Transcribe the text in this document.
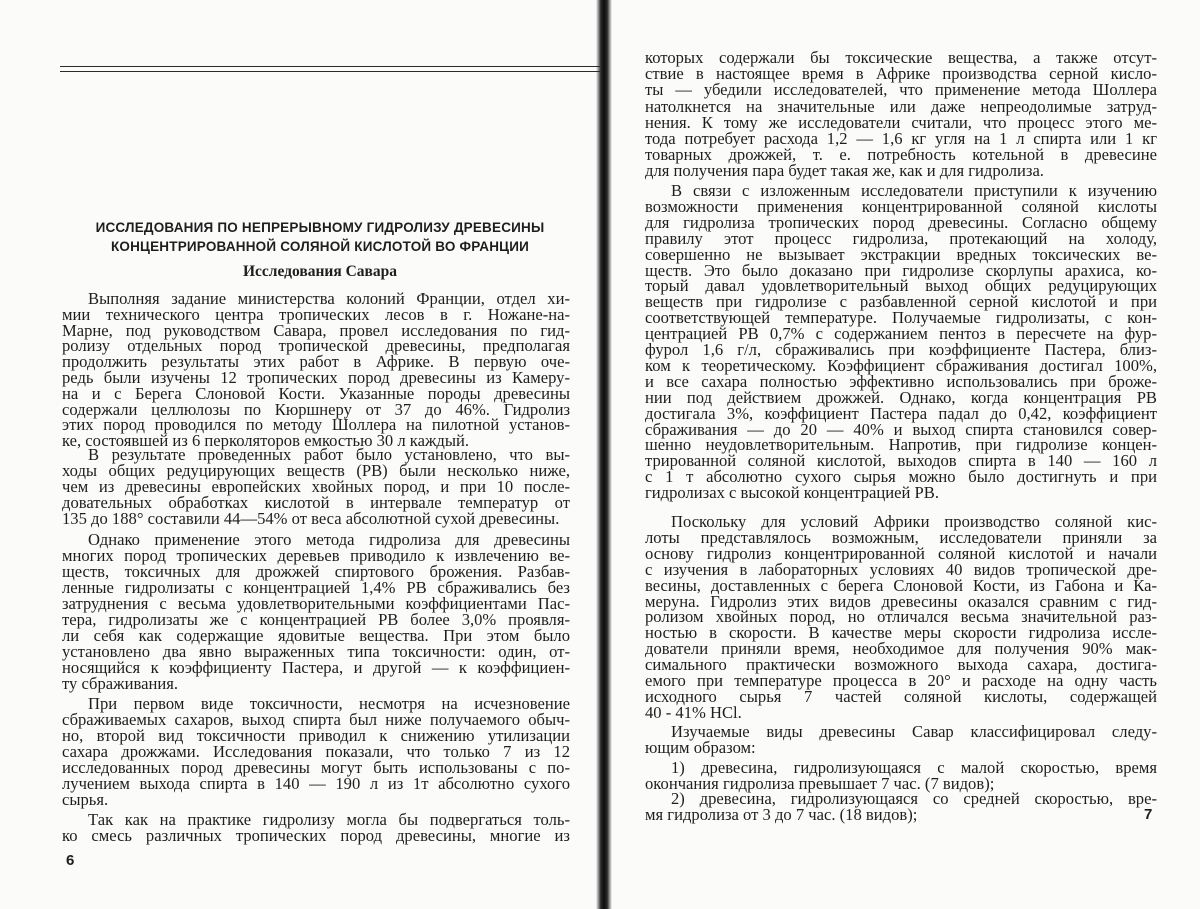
ИССЛЕДОВАНИЯ ПО НЕПРЕРЫВНОМУ ГИДРОЛИЗУ ДРЕВЕСИНЫ
КОНЦЕНТРИРОВАННОЙ СОЛЯНОЙ КИСЛОТОЙ ВО ФРАНЦИИ
Исследования Савара
Выполняя задание министерства колоний Франции, отдел хи-
мии технического центра тропических лесов в г. Ножане-на-
Марне, под руководством Савара, провел исследования по гид-
ролизу отдельных пород тропической древесины, предполагая
продолжить результаты этих работ в Африке. В первую оче-
редь были изучены 12 тропических пород древесины из Камеру-
на и с Берега Слоновой Кости. Указанные породы древесины
содержали целлюлозы по Кюршнеру от 37 до 46%. Гидролиз
этих пород проводился по методу Шоллера на пилотной установ-
ке, состоявшей из 6 перколяторов емкостью 30 л каждый.
В результате проведенных работ было установлено, что вы-
ходы общих редуцирующих веществ (РВ) были несколько ниже,
чем из древесины европейских хвойных пород, и при 10 после-
довательных обработках кислотой в интервале температур от
135 до 188° составили 44—54% от веса абсолютной сухой древесины.
Однако применение этого метода гидролиза для древесины
многих пород тропических деревьев приводило к извлечению ве-
ществ, токсичных для дрожжей спиртового брожения. Разбав-
ленные гидролизаты с концентрацией 1,4% РВ сбраживались без
затруднения с весьма удовлетворительными коэффициентами Пас-
тера, гидролизаты же с концентрацией РВ более 3,0% проявля-
ли себя как содержащие ядовитые вещества. При этом было
установлено два явно выраженных типа токсичности: один, от-
носящийся к коэффициенту Пастера, и другой — к коэффициен-
ту сбраживания.
При первом виде токсичности, несмотря на исчезновение
сбраживаемых сахаров, выход спирта был ниже получаемого обыч-
но, второй вид токсичности приводил к снижению утилизации
сахара дрожжами. Исследования показали, что только 7 из 12
исследованных пород древесины могут быть использованы с по-
лучением выхода спирта в 140 — 190 л из 1т абсолютно сухого
сырья.
Так как на практике гидролизу могла бы подвергаться толь-
ко смесь различных тропических пород древесины, многие из
которых содержали бы токсические вещества, а также отсут-
ствие в настоящее время в Африке производства серной кисло-
ты — убедили исследователей, что применение метода Шоллера
натолкнется на значительные или даже непреодолимые затруд-
нения. К тому же исследователи считали, что процесс этого ме-
тода потребует расхода 1,2 — 1,6 кг угля на 1 л спирта или 1 кг
товарных дрожжей, т. е. потребность котельной в древесине
для получения пара будет такая же, как и для гидролиза.
В связи с изложенным исследователи приступили к изучению
возможности применения концентрированной соляной кислоты
для гидролиза тропических пород древесины. Согласно общему
правилу этот процесс гидролиза, протекающий на холоду,
совершенно не вызывает экстракции вредных токсических ве-
ществ. Это было доказано при гидролизе скорлупы арахиса, ко-
торый давал удовлетворительный выход общих редуцирующих
веществ при гидролизе с разбавленной серной кислотой и при
соответствующей температуре. Получаемые гидролизаты, с кон-
центрацией РВ 0,7% с содержанием пентоз в пересчете на фур-
фурол 1,6 г/л, сбраживались при коэффициенте Пастера, близ-
ком к теоретическому. Коэффициент сбраживания достигал 100%,
и все сахара полностью эффективно использовались при броже-
нии под действием дрожжей. Однако, когда концентрация РВ
достигала 3%, коэффициент Пастера падал до 0,42, коэффициент
сбраживания — до 20 — 40% и выход спирта становился совер-
шенно неудовлетворительным. Напротив, при гидролизе концен-
трированной соляной кислотой, выходов спирта в 140 — 160 л
с 1 т абсолютно сухого сырья можно было достигнуть и при
гидролизах с высокой концентрацией РВ.
Поскольку для условий Африки производство соляной кис-
лоты представлялось возможным, исследователи приняли за
основу гидролиз концентрированной соляной кислотой и начали
с изучения в лабораторных условиях 40 видов тропической дре-
весины, доставленных с берега Слоновой Кости, из Габона и Ка-
меруна. Гидролиз этих видов древесины оказался сравним с гид-
ролизом хвойных пород, но отличался весьма значительной раз-
ностью в скорости. В качестве меры скорости гидролиза иссле-
дователи приняли время, необходимое для получения 90% мак-
симального практически возможного выхода сахара, достига-
емого при температуре процесса в 20° и расходе на одну часть
исходного сырья 7 частей соляной кислоты, содержащей
40 - 41% НСl.
Изучаемые виды древесины Савар классифицировал следу-
ющим образом:
1) древесина, гидролизующаяся с малой скоростью, время
окончания гидролиза превышает 7 час. (7 видов);
2) древесина, гидролизующаяся со средней скоростью, вре-
мя гидролиза от 3 до 7 час. (18 видов);
6
7
